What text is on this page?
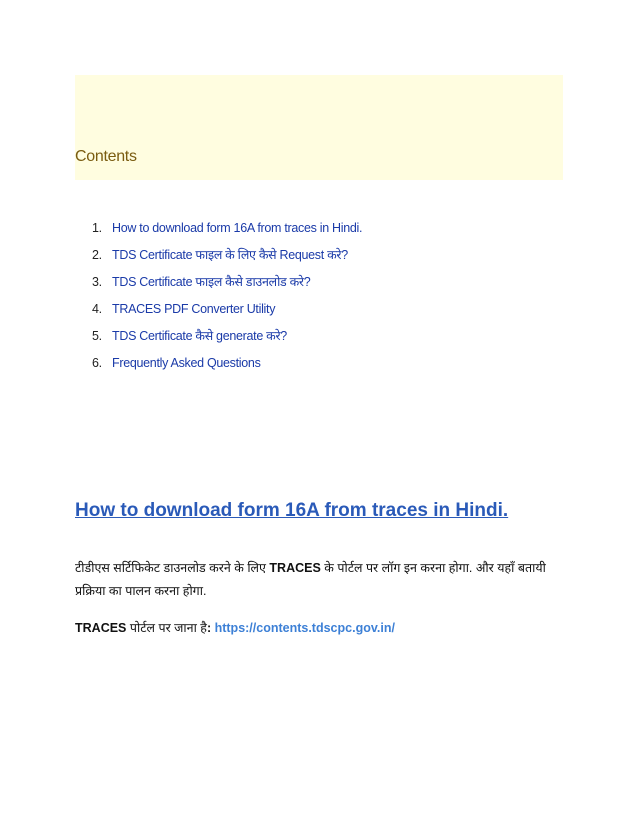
Contents
1. How to download form 16A from traces in Hindi.
2. TDS Certificate फाइल के लिए कैसे Request करे?
3. TDS Certificate फाइल कैसे डाउनलोड करे?
4. TRACES PDF Converter Utility
5. TDS Certificate कैसे generate करे?
6. Frequently Asked Questions
How to download form 16A from traces in Hindi.

टीडीएस सर्टिफिकेट डाउनलोड करने के लिए TRACES के पोर्टल पर लॉग इन करना होगा. और यहाँ बतायी प्रक्रिया का पालन करना होगा.

TRACES पोर्टल पर जाना है: https://contents.tdscpc.gov.in/
